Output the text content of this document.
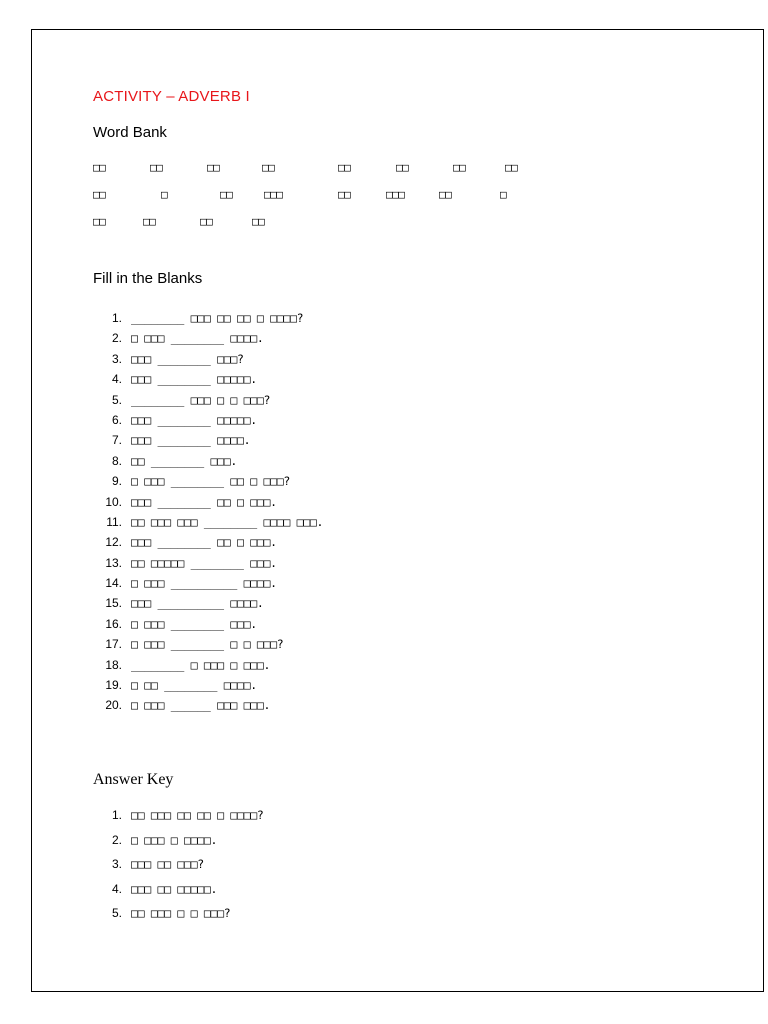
ACTIVITY – ADVERB I
Word Bank
□□	□□	□□	□□	□□	□□	□□	□□
□□	□	□□	□□□	□□	□□□	□□	□
□□	□□	□□	□□
Fill in the Blanks
1. ________ □□□ □□ □□ □ □□□□?
2. □ □□□ ________ □□□□.
3. □□□ ________ □□□?
4. □□□ ________ □□□□□.
5. ________ □□□ □ □ □□□?
6. □□□ ________ □□□□□.
7. □□□ ________ □□□□.
8. □□ ________ □□□.
9. □ □□□ ________ □□ □ □□□?
10. □□□ ________ □□ □ □□□.
11. □□ □□□ □□□ ________ □□□□ □□□.
12. □□□ ________ □□ □ □□□.
13. □□ □□□□□ ________ □□□.
14. □ □□□ __________ □□□□.
15. □□□ __________ □□□□.
16. □ □□□ ________ □□□.
17. □ □□□ ________ □ □ □□□?
18. ________ □ □□□ □ □□□.
19. □ □□ ________ □□□□.
20. □ □□□ ______ □□□ □□□.
Answer Key
1. □□ □□□ □□ □□ □ □□□□?
2. □ □□□ □ □□□□.
3. □□□ □□ □□□?
4. □□□ □□ □□□□□.
5. □□ □□□ □ □ □□□?
